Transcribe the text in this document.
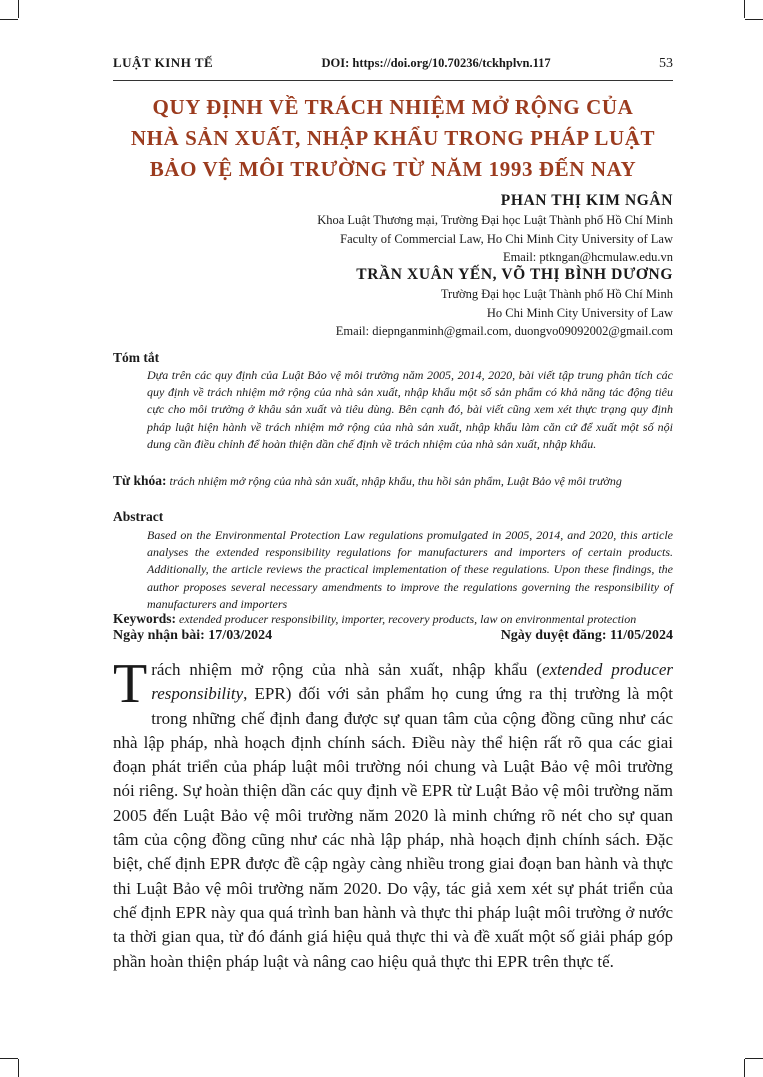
LUẬT KINH TẾ	DOI: https://doi.org/10.70236/tckhplvn.117	53
QUY ĐỊNH VỀ TRÁCH NHIỆM MỞ RỘNG CỦA
NHÀ SẢN XUẤT, NHẬP KHẨU TRONG PHÁP LUẬT
BẢO VỆ MÔI TRƯỜNG TỪ NĂM 1993 ĐẾN NAY
PHAN THỊ KIM NGÂN
Khoa Luật Thương mại, Trường Đại học Luật Thành phố Hồ Chí Minh
Faculty of Commercial Law, Ho Chi Minh City University of Law
Email: ptkngan@hcmulaw.edu.vn
TRẦN XUÂN YẾN, VÕ THỊ BÌNH DƯƠNG
Trường Đại học Luật Thành phố Hồ Chí Minh
Ho Chi Minh City University of Law
Email: diepnganminh@gmail.com, duongvo09092002@gmail.com
Tóm tắt
Dựa trên các quy định của Luật Bảo vệ môi trường năm 2005, 2014, 2020, bài viết tập trung phân tích các quy định về trách nhiệm mở rộng của nhà sản xuất, nhập khẩu một số sản phẩm có khả năng tác động tiêu cực cho môi trường ở khâu sản xuất và tiêu dùng. Bên cạnh đó, bài viết cũng xem xét thực trạng quy định pháp luật hiện hành về trách nhiệm mở rộng của nhà sản xuất, nhập khẩu làm căn cứ để xuất một số nội dung cần điều chỉnh để hoàn thiện dần chế định về trách nhiệm của nhà sản xuất, nhập khẩu.
Từ khóa: trách nhiệm mở rộng của nhà sản xuất, nhập khẩu, thu hồi sản phẩm, Luật Bảo vệ môi trường
Abstract
Based on the Environmental Protection Law regulations promulgated in 2005, 2014, and 2020, this article analyses the extended responsibility regulations for manufacturers and importers of certain products. Additionally, the article reviews the practical implementation of these regulations. Upon these findings, the author proposes several necessary amendments to improve the regulations governing the responsibility of manufacturers and importers
Keywords: extended producer responsibility, importer, recovery products, law on environmental protection
Ngày nhận bài: 17/03/2024	Ngày duyệt đăng: 11/05/2024
Trách nhiệm mở rộng của nhà sản xuất, nhập khẩu (extended producer responsibility, EPR) đối với sản phẩm họ cung ứng ra thị trường là một trong những chế định đang được sự quan tâm của cộng đồng cũng như các nhà lập pháp, nhà hoạch định chính sách. Điều này thể hiện rất rõ qua các giai đoạn phát triển của pháp luật môi trường nói chung và Luật Bảo vệ môi trường nói riêng. Sự hoàn thiện dần các quy định về EPR từ Luật Bảo vệ môi trường năm 2005 đến Luật Bảo vệ môi trường năm 2020 là minh chứng rõ nét cho sự quan tâm của cộng đồng cũng như các nhà lập pháp, nhà hoạch định chính sách. Đặc biệt, chế định EPR được đề cập ngày càng nhiều trong giai đoạn ban hành và thực thi Luật Bảo vệ môi trường năm 2020. Do vậy, tác giả xem xét sự phát triển của chế định EPR này qua quá trình ban hành và thực thi pháp luật môi trường ở nước ta thời gian qua, từ đó đánh giá hiệu quả thực thi và đề xuất một số giải pháp góp phần hoàn thiện pháp luật và nâng cao hiệu quả thực thi EPR trên thực tế.
